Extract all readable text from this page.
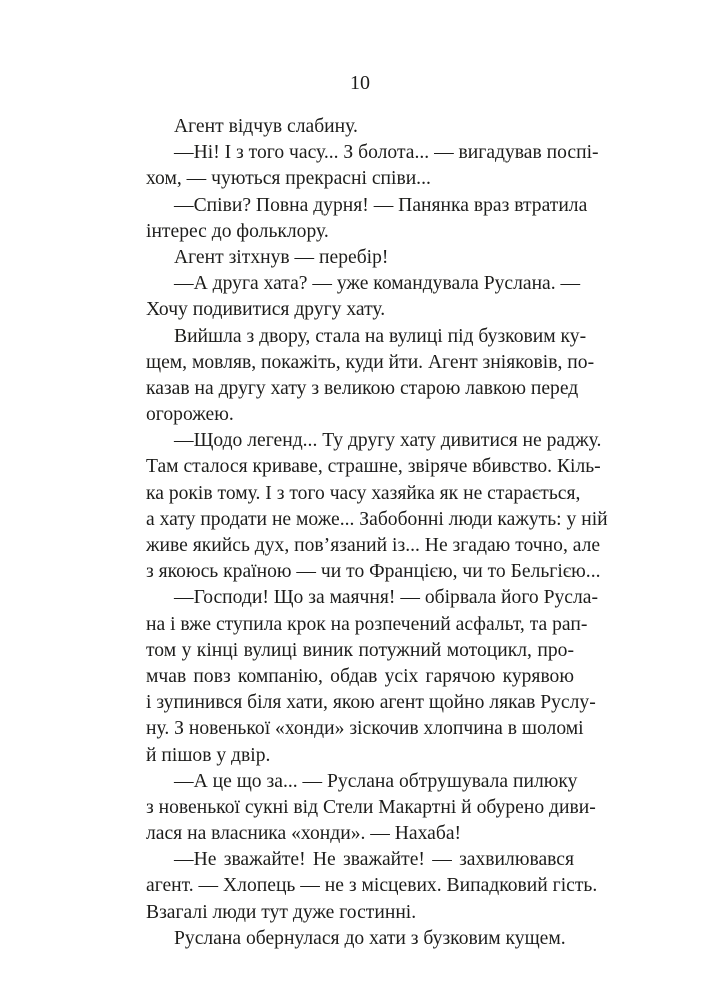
10
Агент відчув слабину.
—Ні! І з того часу... З болота... — вигадував поспі-
хом, — чуються прекрасні співи...
—Співи? Повна дурня! — Панянка враз втратила
інтерес до фольклору.
Агент зітхнув — перебір!
—А друга хата? — уже командувала Руслана. —
Хочу подивитися другу хату.
Вийшла з двору, стала на вулиці під бузковим ку-
щем, мовляв, покажіть, куди йти. Агент зніяковів, по-
казав на другу хату з великою старою лавкою перед
огорожею.
—Щодо легенд... Ту другу хату дивитися не раджу.
Там сталося криваве, страшне, звіряче вбивство. Кіль-
ка років тому. І з того часу хазяйка як не старається,
а хату продати не може... Забобонні люди кажуть: у ній
живе якийсь дух, пов’язаний із... Не згадаю точно, але
з якоюсь країною — чи то Францією, чи то Бельгією...
—Господи! Що за маячня! — обірвала його Русла-
на і вже ступила крок на розпечений асфальт, та рап-
том у кінці вулиці виник потужний мотоцикл, про-
мчав повз компанію, обдав усіх гарячою курявою
і зупинився біля хати, якою агент щойно лякав Руслу-
ну. З новенької «хонди» зіскочив хлопчина в шоломі
й пішов у двір.
—А це що за... — Руслана обтрушувала пилюку
з новенької сукні від Стели Макартні й обурено диви-
лася на власника «хонди». — Нахаба!
—Не зважайте! Не зважайте! — захвилювався
агент. — Хлопець — не з місцевих. Випадковий гість.
Взагалі люди тут дуже гостинні.
Руслана обернулася до хати з бузковим кущем.
